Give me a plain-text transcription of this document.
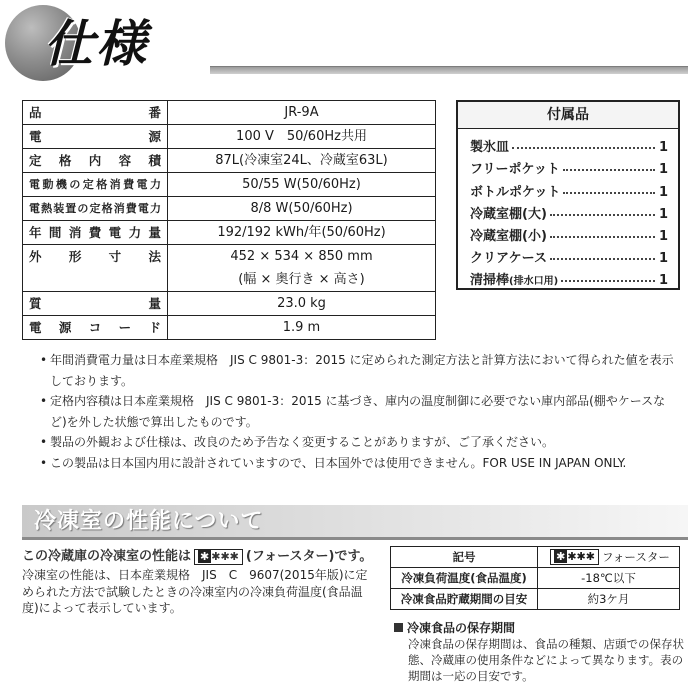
仕様
品番	JR-9A
電源	100 V　50/60Hz共用
定格内容積	87L(冷凍室24L、冷蔵室63L)
電動機の定格消費電力	50/55 W(50/60Hz)
電熱装置の定格消費電力	8/8 W(50/60Hz)
年間消費電力量	192/192 kWh/年(50/60Hz)
外形寸法	452 × 534 × 850 mm
(幅 × 奥行き × 高さ)

質量	23.0 kg
電源コード	1.9 m
付属品
製氷皿	1
フリーポケット	1
ボトルポケット	1
冷蔵室棚(大)	1
冷蔵室棚(小)	1
クリアケース	1
清掃棒(排水口用)	1
• 年間消費電力量は日本産業規格　JIS C 9801-3：2015 に定められた測定方法と計算方法において得られた値を表示しております。
• 定格内容積は日本産業規格　JIS C 9801-3：2015 に基づき、庫内の温度制御に必要でない庫内部品(棚やケースなど)を外した状態で算出したものです。
• 製品の外観および仕様は、改良のため予告なく変更することがありますが、ご了承ください。
• この製品は日本国内用に設計されていますので、日本国外では使用できません。FOR USE IN JAPAN ONLY.
冷凍室の性能について
この冷蔵庫の冷凍室の性能は ✱ ✱✱✱ (フォースター)です。
冷凍室の性能は、日本産業規格　JIS　C　9607(2015年版)に定められた方法で試験したときの冷凍室内の冷凍負荷温度(食品温度)によって表示しています。
記号	✱ ✱✱✱ フォースター
冷凍負荷温度(食品温度)	-18℃以下
冷凍食品貯蔵期間の目安	約3ケ月
冷凍食品の保存期間
冷凍食品の保存期間は、食品の種類、店頭での保存状態、冷蔵庫の使用条件などによって異なります。表の期間は一応の目安です。
